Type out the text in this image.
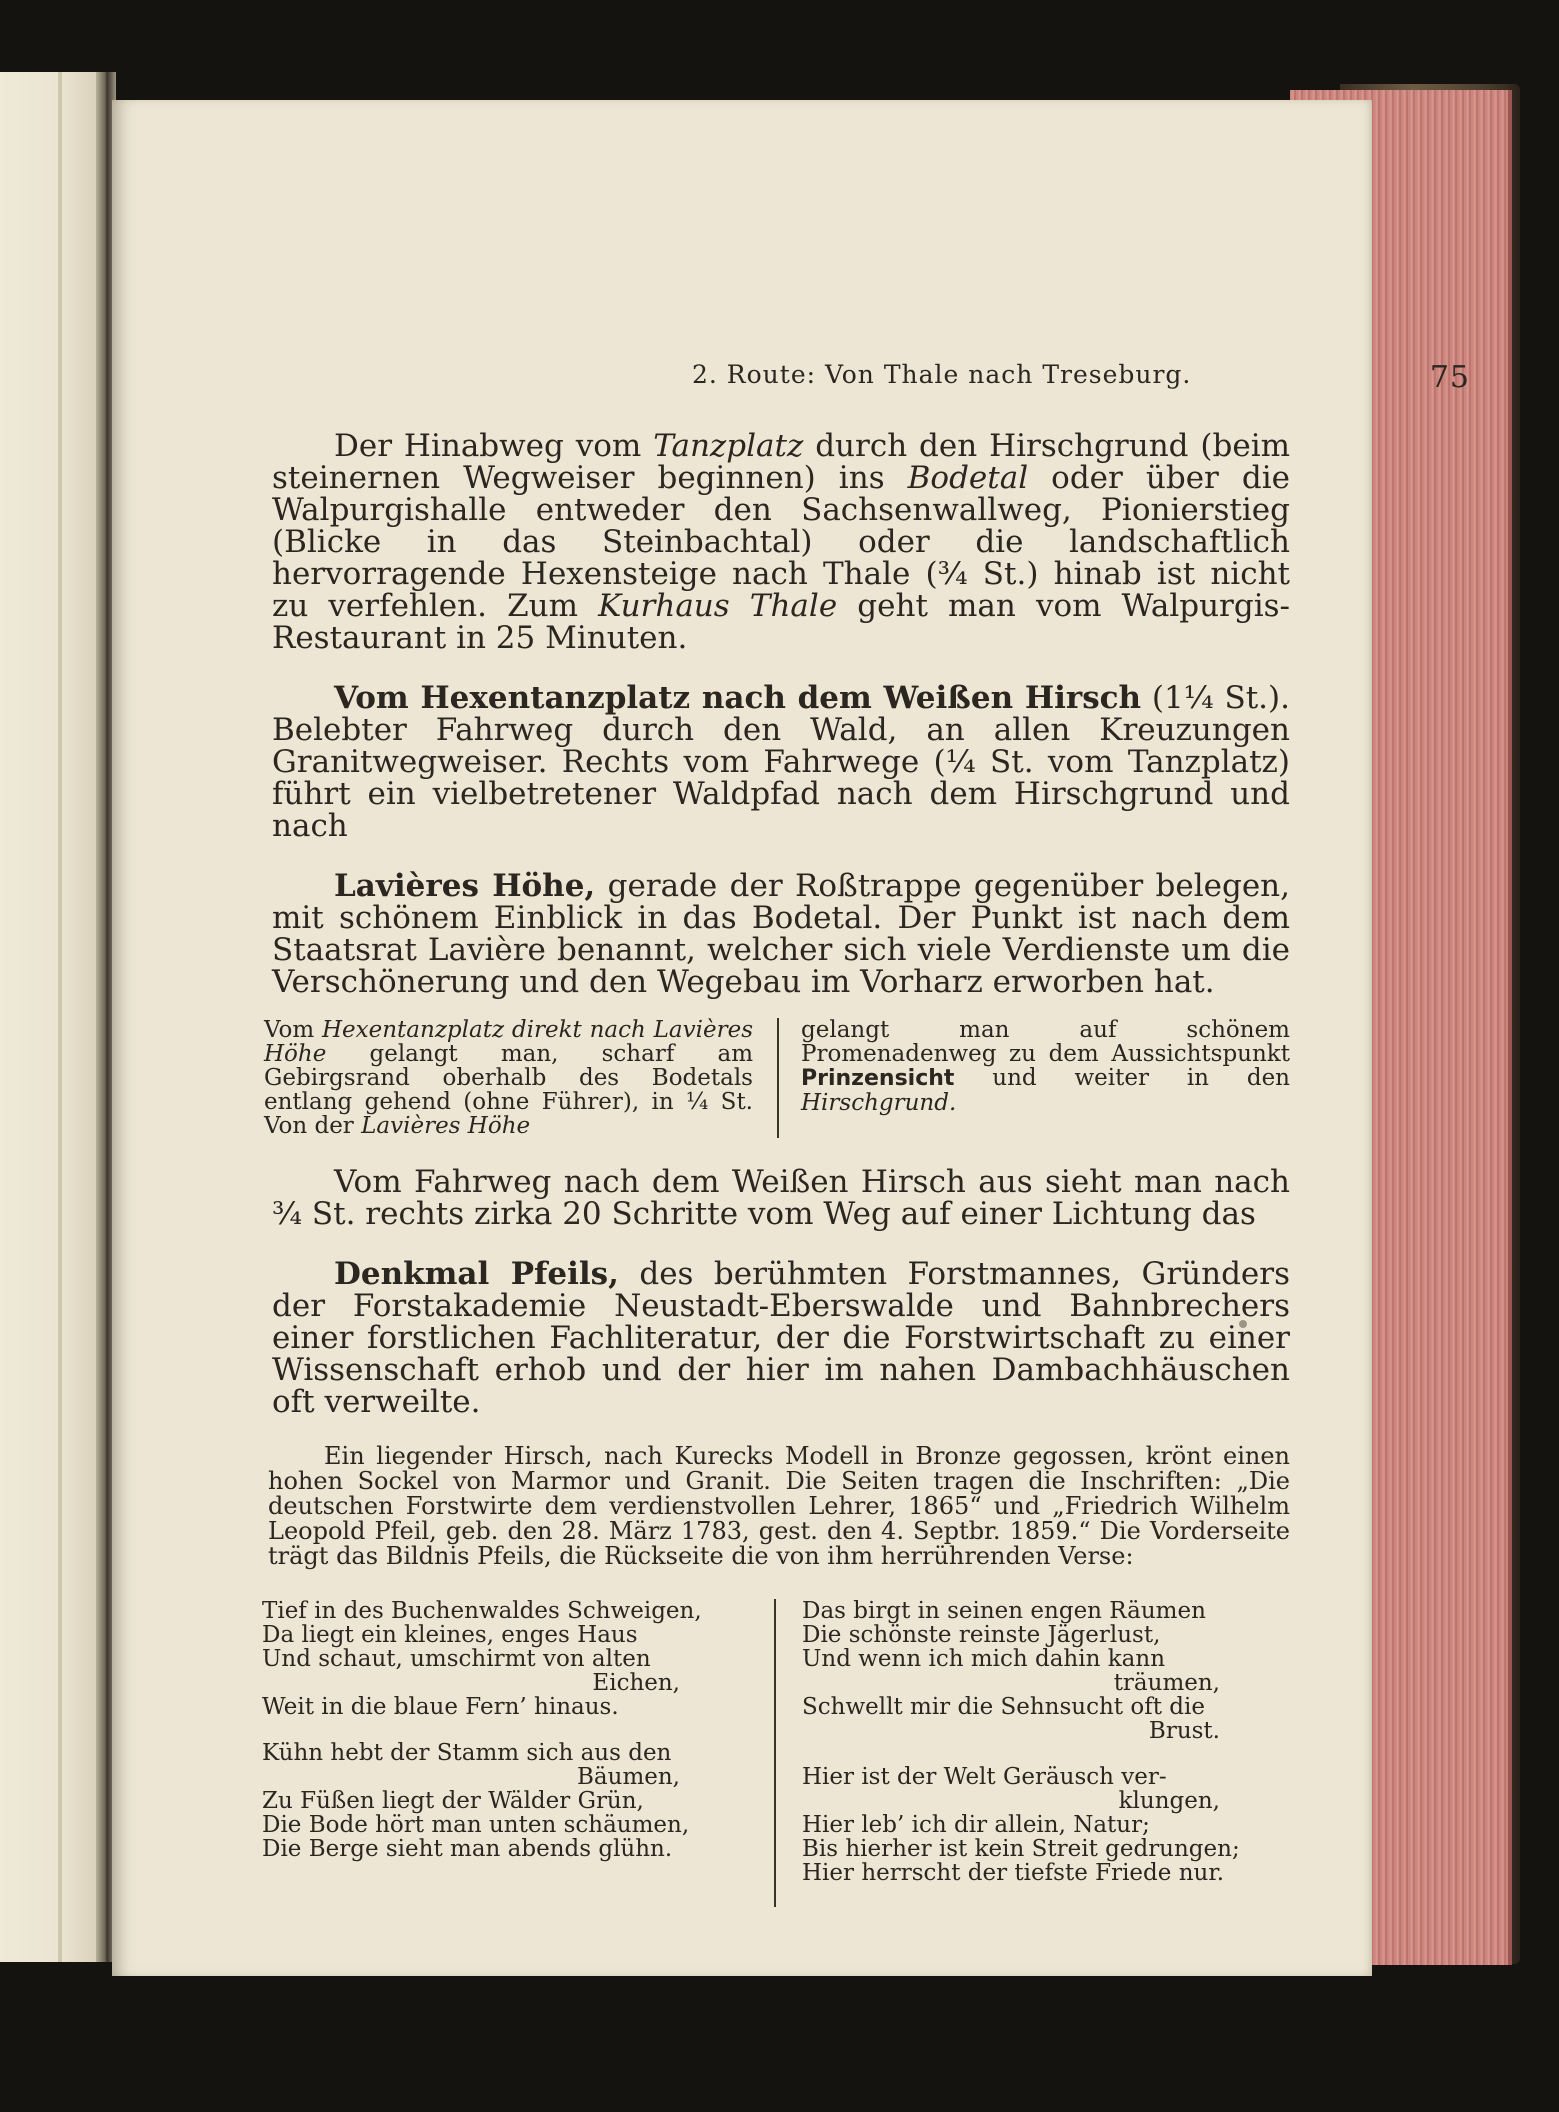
2. Route: Von Thale nach Treseburg.	75

Der Hinabweg vom Tanzplatz durch den Hirschgrund (beim steinernen Wegweiser beginnen) ins Bodetal oder über die Walpurgishalle entweder den Sachsenwallweg, Pionierstieg (Blicke in das Steinbachtal) oder die landschaftlich hervorragende Hexensteige nach Thale (¾ St.) hinab ist nicht zu verfehlen. Zum Kurhaus Thale geht man vom Walpurgis-Restaurant in 25 Minuten.

Vom Hexentanzplatz nach dem Weißen Hirsch (1¼ St.). Belebter Fahrweg durch den Wald, an allen Kreuzungen Granitwegweiser. Rechts vom Fahrwege (¼ St. vom Tanzplatz) führt ein vielbetretener Waldpfad nach dem Hirschgrund und nach

Lavières Höhe, gerade der Roßtrappe gegenüber belegen, mit schönem Einblick in das Bodetal. Der Punkt ist nach dem Staatsrat Lavière benannt, welcher sich viele Verdienste um die Verschönerung und den Wegebau im Vorharz erworben hat.

Vom Hexentanzplatz direkt nach Lavières Höhe gelangt man, scharf am Gebirgsrand oberhalb des Bodetals entlang gehend (ohne Führer), in ¼ St. Von der Lavières Höhe
gelangt man auf schönem Promenadenweg zu dem Aussichtspunkt Prinzensicht und weiter in den Hirschgrund.

Vom Fahrweg nach dem Weißen Hirsch aus sieht man nach ¾ St. rechts zirka 20 Schritte vom Weg auf einer Lichtung das

Denkmal Pfeils, des berühmten Forstmannes, Gründers der Forstakademie Neustadt-Eberswalde und Bahnbrechers einer forstlichen Fachliteratur, der die Forstwirtschaft zu einer Wissenschaft erhob und der hier im nahen Dambachhäuschen oft verweilte.

Ein liegender Hirsch, nach Kurecks Modell in Bronze gegossen, krönt einen hohen Sockel von Marmor und Granit. Die Seiten tragen die Inschriften: „Die deutschen Forstwirte dem verdienstvollen Lehrer, 1865“ und „Friedrich Wilhelm Leopold Pfeil, geb. den 28. März 1783, gest. den 4. Septbr. 1859.“ Die Vorderseite trägt das Bildnis Pfeils, die Rückseite die von ihm herrührenden Verse:

Tief in des Buchenwaldes Schweigen,
Da liegt ein kleines, enges Haus
Und schaut, umschirmt von alten
Eichen,
Weit in die blaue Fern’ hinaus.
Kühn hebt der Stamm sich aus den
Bäumen,
Zu Füßen liegt der Wälder Grün,
Die Bode hört man unten schäumen,
Die Berge sieht man abends glühn.
Das birgt in seinen engen Räumen
Die schönste reinste Jägerlust,
Und wenn ich mich dahin kann
träumen,
Schwellt mir die Sehnsucht oft die
Brust.
Hier ist der Welt Geräusch ver-
klungen,
Hier leb’ ich dir allein, Natur;
Bis hierher ist kein Streit gedrungen;
Hier herrscht der tiefste Friede nur.
